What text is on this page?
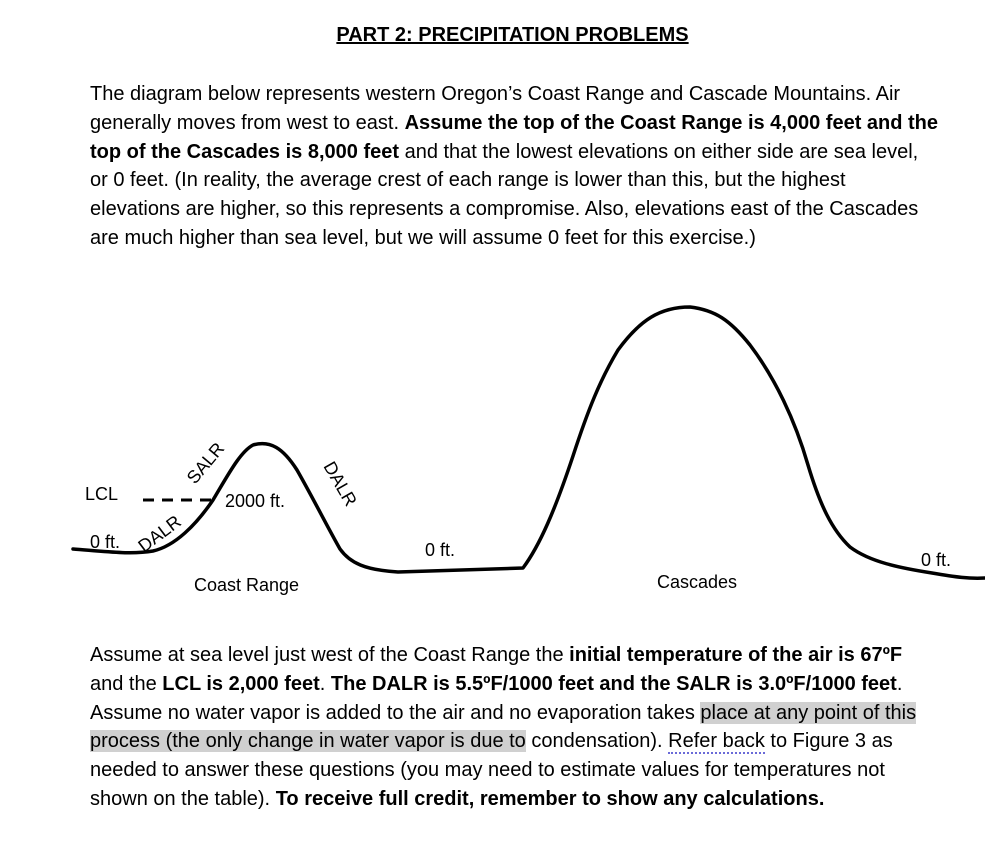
PART 2: PRECIPITATION PROBLEMS
The diagram below represents western Oregon’s Coast Range and Cascade Mountains. Air generally moves from west to east. Assume the top of the Coast Range is 4,000 feet and the top of the Cascades is 8,000 feet and that the lowest elevations on either side are sea level, or 0 feet. (In reality, the average crest of each range is lower than this, but the highest elevations are higher, so this represents a compromise. Also, elevations east of the Cascades are much higher than sea level, but we will assume 0 feet for this exercise.)
LCL
0 ft. DALR
SALR
2000 ft. DALR
0 ft.
Coast Range	Cascades
0 ft.
Assume at sea level just west of the Coast Range the initial temperature of the air is 67ºF and the LCL is 2,000 feet. The DALR is 5.5ºF/1000 feet and the SALR is 3.0ºF/1000 feet. Assume no water vapor is added to the air and no evaporation takes place at any point of this process (the only change in water vapor is due to condensation). Refer back to Figure 3 as needed to answer these questions (you may need to estimate values for temperatures not shown on the table). To receive full credit, remember to show any calculations.
